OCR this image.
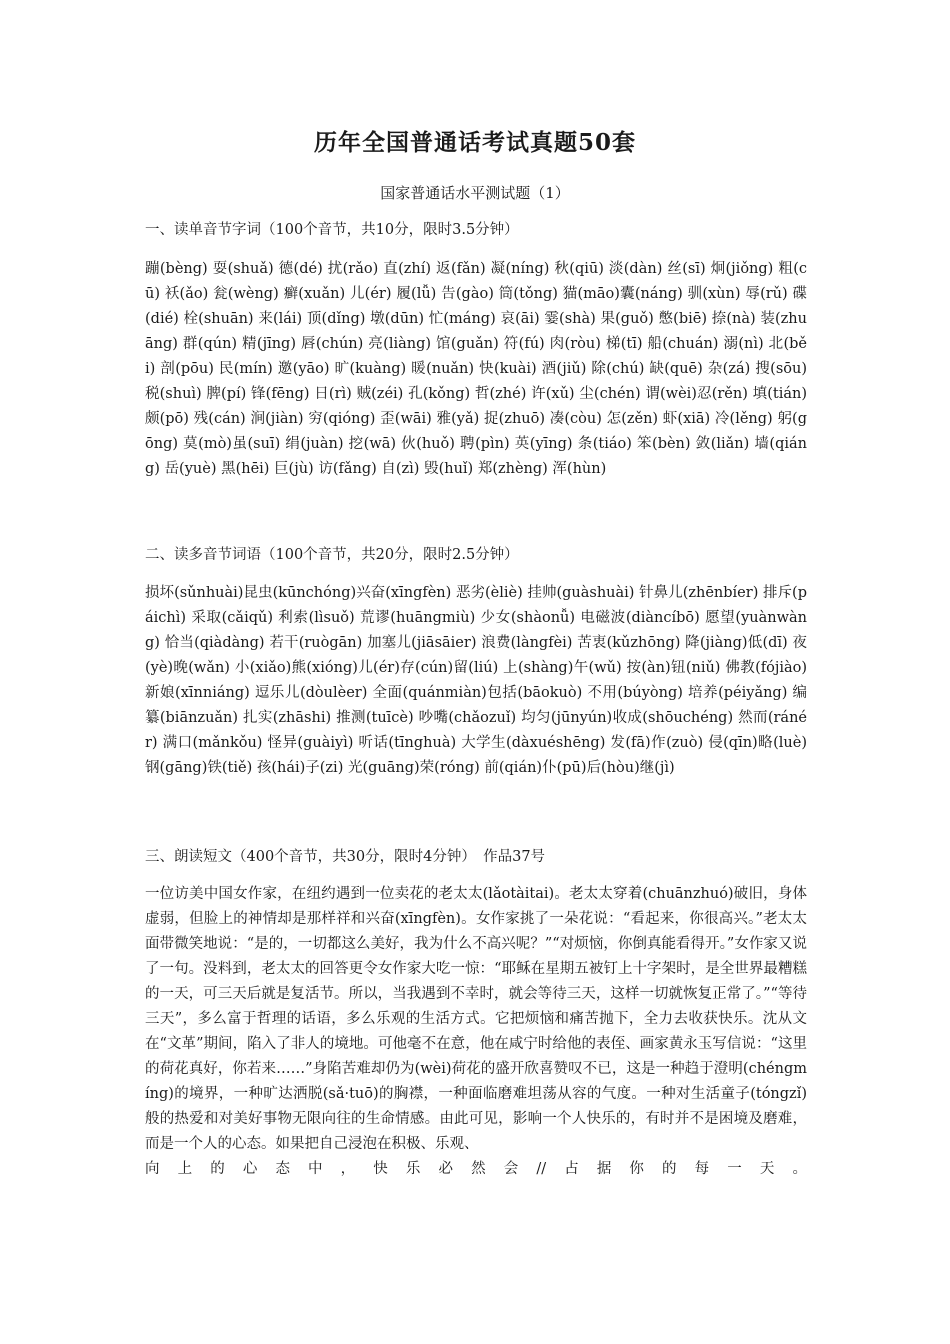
历年全国普通话考试真题50套
国家普通话水平测试题（1）
一、读单音节字词（100个音节，共10分，限时3.5分钟）
蹦(bèng) 耍(shuǎ) 德(dé) 扰(rǎo) 直(zhí) 返(fǎn) 凝(níng) 秋(qiū) 淡(dàn) 丝(sī) 炯(jiǒng) 粗(cū) 袄(ǎo) 瓮(wèng) 癣(xuǎn) 儿(ér) 履(lǚ) 告(gào) 筒(tǒng) 猫(māo)囊(náng) 驯(xùn) 辱(rǔ) 碟(dié) 栓(shuān) 来(lái) 顶(dǐng) 墩(dūn) 忙(máng) 哀(āi) 霎(shà) 果(guǒ) 憋(biē) 捺(nà) 装(zhuāng) 群(qún) 精(jīng) 唇(chún) 亮(liàng) 馆(guǎn) 符(fú) 肉(ròu) 梯(tī) 船(chuán) 溺(nì) 北(běi) 剖(pōu) 民(mín) 邀(yāo) 旷(kuàng) 暖(nuǎn) 快(kuài) 酒(jiǔ) 除(chú) 缺(quē) 杂(zá) 搜(sōu) 税(shuì) 脾(pí) 锋(fēng) 日(rì) 贼(zéi) 孔(kǒng) 哲(zhé) 许(xǔ) 尘(chén) 谓(wèi)忍(rěn) 填(tián) 颇(pō) 残(cán) 涧(jiàn) 穷(qióng) 歪(wāi) 雅(yǎ) 捉(zhuō) 凑(còu) 怎(zěn) 虾(xiā) 冷(lěng) 躬(gōng) 莫(mò)虽(suī) 绢(juàn) 挖(wā) 伙(huǒ) 聘(pìn) 英(yīng) 条(tiáo) 笨(bèn) 敛(liǎn) 墙(qiáng) 岳(yuè) 黑(hēi) 巨(jù) 访(fǎng) 自(zì) 毁(huǐ) 郑(zhèng) 浑(hùn)
二、读多音节词语（100个音节，共20分，限时2.5分钟）
损坏(sǔnhuài)昆虫(kūnchóng)兴奋(xīngfèn) 恶劣(èliè) 挂帅(guàshuài) 针鼻儿(zhēnbíer) 排斥(páichì) 采取(cǎiqǔ) 利索(lìsuǒ) 荒谬(huāngmiù) 少女(shàonǚ) 电磁波(diàncíbō) 愿望(yuànwàng) 恰当(qiàdàng) 若干(ruògān) 加塞儿(jiāsāier) 浪费(làngfèi) 苦衷(kǔzhōng) 降(jiàng)低(dī) 夜(yè)晚(wǎn) 小(xiǎo)熊(xióng)儿(ér)存(cún)留(liú) 上(shàng)午(wǔ) 按(àn)钮(niǔ) 佛教(fójiào) 新娘(xīnniáng) 逗乐儿(dòulèer) 全面(quánmiàn)包括(bāokuò) 不用(búyòng) 培养(péiyǎng) 编纂(biānzuǎn) 扎实(zhāshi) 推测(tuīcè) 吵嘴(chǎozuǐ) 均匀(jūnyún)收成(shōuchéng) 然而(ránér) 满口(mǎnkǒu) 怪异(guàiyì) 听话(tīnghuà) 大学生(dàxuéshēng) 发(fā)作(zuò) 侵(qīn)略(luè) 钢(gāng)铁(tiě) 孩(hái)子(zi) 光(guāng)荣(róng) 前(qián)仆(pū)后(hòu)继(jì)
三、朗读短文（400个音节，共30分，限时4分钟）　作品37号
一位访美中国女作家，在纽约遇到一位卖花的老太太(lǎotàitai)。老太太穿着(chuānzhuó)破旧，身体虚弱，但脸上的神情却是那样祥和兴奋(xīngfèn)。女作家挑了一朵花说：“看起来，你很高兴。”老太太面带微笑地说：“是的，一切都这么美好，我为什么不高兴呢？”“对烦恼，你倒真能看得开。”女作家又说了一句。没料到，老太太的回答更令女作家大吃一惊：“耶稣在星期五被钉上十字架时，是全世界最糟糕的一天，可三天后就是复活节。所以，当我遇到不幸时，就会等待三天，这样一切就恢复正常了。”“等待三天”，多么富于哲理的话语，多么乐观的生活方式。它把烦恼和痛苦抛下，全力去收获快乐。沈从文在“文革”期间，陷入了非人的境地。可他毫不在意，他在咸宁时给他的表侄、画家黄永玉写信说：“这里的荷花真好，你若来……”身陷苦难却仍为(wèi)荷花的盛开欣喜赞叹不已，这是一种趋于澄明(chéngmíng)的境界，一种旷达洒脱(sǎ·tuō)的胸襟，一种面临磨难坦荡从容的气度。一种对生活童子(tóngzǐ)般的热爱和对美好事物无限向往的生命情感。由此可见，影响一个人快乐的，有时并不是困境及磨难，而是一个人的心态。如果把自己浸泡在积极、乐观、
向上的心态中，快乐必然会//占据你的每一天。
